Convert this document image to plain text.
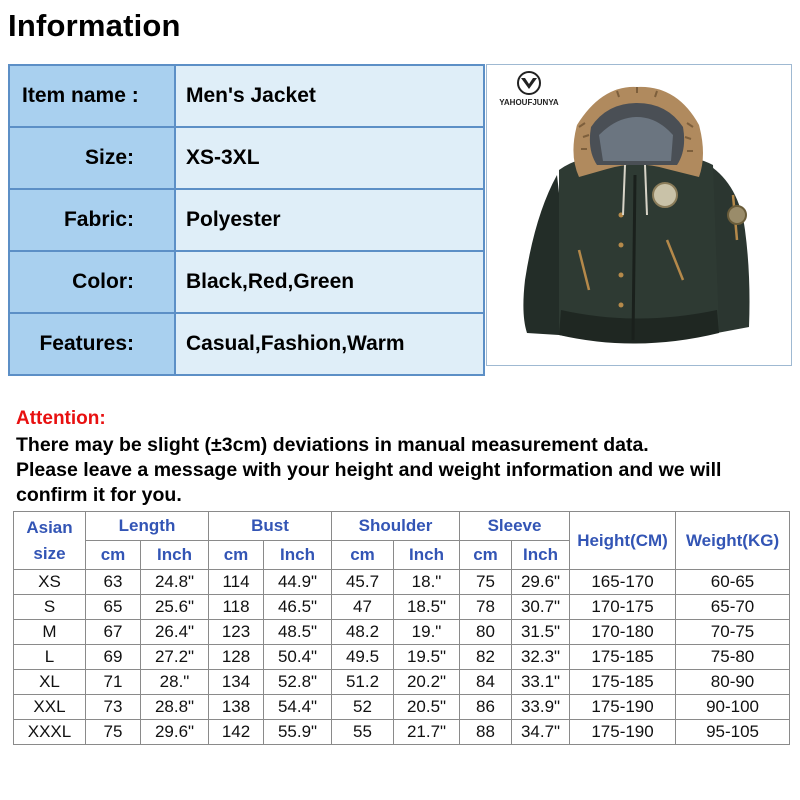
Information
Item name :	Men's Jacket
Size:	XS-3XL
Fabric:	Polyester
Color:	Black,Red,Green
Features:	Casual,Fashion,Warm
YAHOUFJUNYA
Attention:
There may be slight (±3cm) deviations in manual measurement data.
Please leave a message with your height and weight information and we will
confirm it for you.
Asian size	Length		Bust		Shoulder		Sleeve		Height(CM)	Weight(KG)
	cm	Inch	cm	Inch	cm	Inch	cm	Inch		
XS	63	24.8"	114	44.9"	45.7	18."	75	29.6"	165-170	60-65
S	65	25.6"	118	46.5"	47	18.5"	78	30.7"	170-175	65-70
M	67	26.4"	123	48.5"	48.2	19."	80	31.5"	170-180	70-75
L	69	27.2"	128	50.4"	49.5	19.5"	82	32.3"	175-185	75-80
XL	71	28."	134	52.8"	51.2	20.2"	84	33.1"	175-185	80-90
XXL	73	28.8"	138	54.4"	52	20.5"	86	33.9"	175-190	90-100
XXXL	75	29.6"	142	55.9"	55	21.7"	88	34.7"	175-190	95-105
